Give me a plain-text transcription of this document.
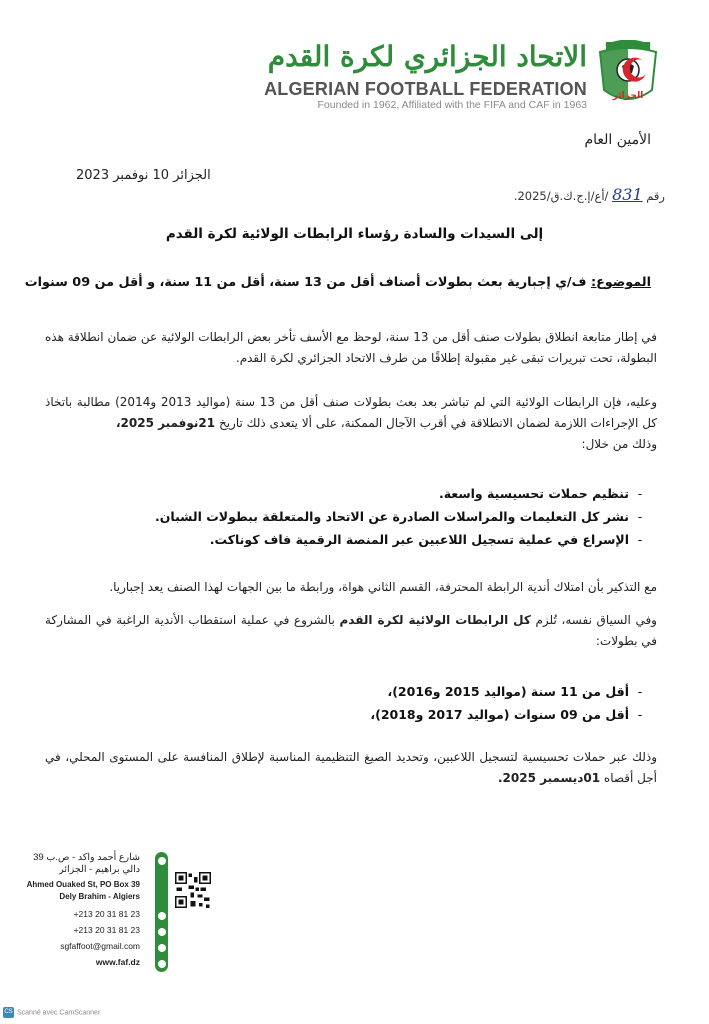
الجزائر
الاتحاد الجزائري لكرة القدم
ALGERIAN FOOTBALL FEDERATION
Founded in 1962, Affiliated with the FIFA and CAF in 1963
الأمين العام
الجزائر 10 نوفمبر 2023
رقم 831 /أع/إ.ج.ك.ق/2025.
إلى السيدات والسادة رؤساء الرابطات الولائية لكرة القدم
الموضوع: ف/ي إجبارية بعث بطولات أصناف أقل من 13 سنة، أقل من 11 سنة، و أقل من 09 سنوات
في إطار متابعة انطلاق بطولات صنف أقل من 13 سنة، لوحظ مع الأسف تأخر بعض الرابطات الولائية عن ضمان انطلاقة هذه البطولة، تحت تبريرات تبقى غير مقبولة إطلاقًا من طرف الاتحاد الجزائري لكرة القدم.
وعليه، فإن الرابطات الولائية التي لم تباشر بعد بعث بطولات صنف أقل من 13 سنة (مواليد 2013 و2014) مطالبة باتخاذ كل الإجراءات اللازمة لضمان الانطلاقة في أقرب الآجال الممكنة، على ألا يتعدى ذلك تاريخ 21نوفمبر 2025،
وذلك من خلال:
- تنظيم حملات تحسيسية واسعة.
- نشر كل التعليمات والمراسلات الصادرة عن الاتحاد والمتعلقة ببطولات الشبان.
- الإسراع في عملية تسجيل اللاعبين عبر المنصة الرقمية فاف كوناكت.
مع التذكير بأن امتلاك أندية الرابطة المحترفة، القسم الثاني هواة، ورابطة ما بين الجهات لهذا الصنف يعد إجباريا.
وفي السياق نفسه، تُلزم كل الرابطات الولائية لكرة القدم بالشروع في عملية استقطاب الأندية الراغبة في المشاركة في بطولات:
- أقل من 11 سنة (مواليد 2015 و2016)،
- أقل من 09 سنوات (مواليد 2017 و2018)،
وذلك عبر حملات تحسيسية لتسجيل اللاعبين، وتحديد الصيغ التنظيمية المناسبة لإطلاق المنافسة على المستوى المحلي، في أجل أقصاه 01ديسمبر 2025.
شارع أحمد واكد - ص.ب 39
دالي براهيم - الجزائر
Ahmed Ouaked St, PO Box 39
Dely Brahim - Algiers
+213 20 31 81 23
+213 20 31 81 23
sgfaffoot@gmail.com
www.faf.dz
CS Scanné avec CamScanner
